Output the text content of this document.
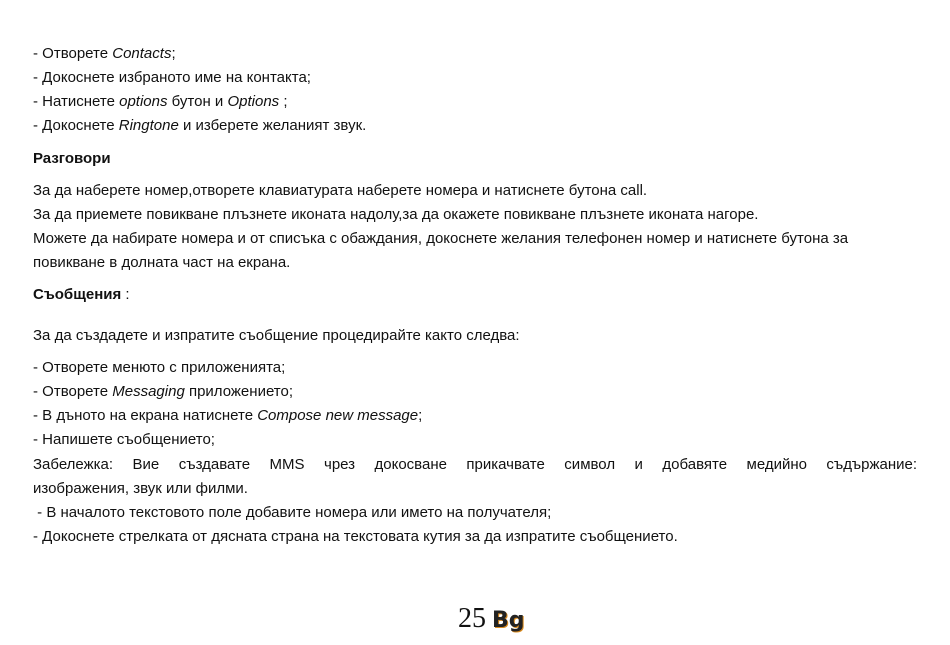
- Отворете Contacts;
- Докоснете избраното име на контакта;
- Натиснете options бутон и Options ;
- Докоснете Ringtone и изберете желаният звук.
Разговори
За да наберете номер,отворете клавиатурата наберете номера и натиснете бутона call.
За да приемете повикване плъзнете иконата надолу,за да окажете повикване плъзнете иконата нагоре.
Можете да набирате номера и от списъка с обаждания, докоснете желания телефонен номер и натиснете бутона за
повикване в долната част на екрана.
Съобщения :
За да създадете и изпратите съобщение процедирайте както следва:
- Отворете менюто с приложенията;
- Отворете Messaging приложението;
- В дъното на екрана натиснете Compose new message;
- Напишете съобщението;
Забележка: Вие създавате MMS чрез докосване прикачвате символ и добавяте медийно съдържание:
изображения, звук или филми.
- В началото текстовото поле добавите номера или името на получателя;
- Докоснете стрелката от дясната страна на текстовата кутия за да изпратите съобщението.
25 Bg
